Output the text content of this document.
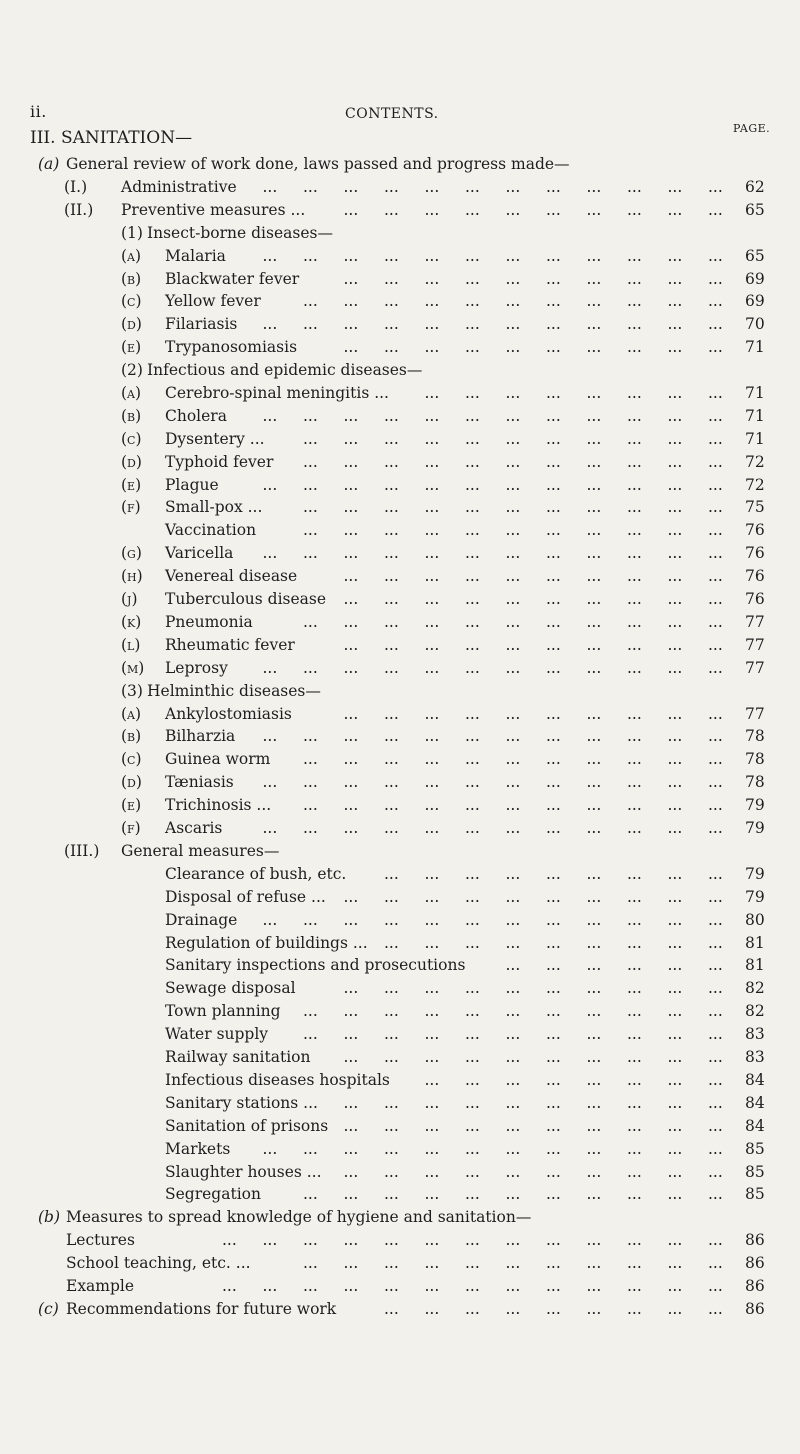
ii.	CONTENTS.
PAGE.
III. SANITATION—
(a) General review of work done, laws passed and progress made—
(I.) Administrative	62
... ... ... ... ... ... ... ... ... ... ... ...
(II.) Preventive measures ...	65
... ... ... ... ... ... ... ... ... ...
(1) Insect-borne diseases—
(a) Malaria	65
... ... ... ... ... ... ... ... ... ... ... ...
(b) Blackwater fever	69
... ... ... ... ... ... ... ... ... ...
(c) Yellow fever	69
... ... ... ... ... ... ... ... ... ... ...
(d) Filariasis	70
... ... ... ... ... ... ... ... ... ... ... ...
(e) Trypanosomiasis	71
... ... ... ... ... ... ... ... ... ...
(2) Infectious and epidemic diseases—
(a) Cerebro-spinal meningitis ...	71
... ... ... ... ... ... ... ...
(b) Cholera	71
... ... ... ... ... ... ... ... ... ... ... ...
(c) Dysentery ...	71
... ... ... ... ... ... ... ... ... ... ...
(d) Typhoid fever	72
... ... ... ... ... ... ... ... ... ... ...
(e) Plague	72
... ... ... ... ... ... ... ... ... ... ... ...
(f) Small-pox ...	75
... ... ... ... ... ... ... ... ... ... ...
Vaccination	76
... ... ... ... ... ... ... ... ... ... ...
(g) Varicella	76
... ... ... ... ... ... ... ... ... ... ... ...
(h) Venereal disease	76
... ... ... ... ... ... ... ... ... ...
(j) Tuberculous disease	76
... ... ... ... ... ... ... ... ... ...
(k) Pneumonia	77
... ... ... ... ... ... ... ... ... ... ...
(l) Rheumatic fever	77
... ... ... ... ... ... ... ... ... ...
(m) Leprosy	77
... ... ... ... ... ... ... ... ... ... ... ...
(3) Helminthic diseases—
(a) Ankylostomiasis	77
... ... ... ... ... ... ... ... ... ...
(b) Bilharzia	78
... ... ... ... ... ... ... ... ... ... ... ...
(c) Guinea worm	78
... ... ... ... ... ... ... ... ... ... ...
(d) Tæniasis	78
... ... ... ... ... ... ... ... ... ... ... ...
(e) Trichinosis ...	79
... ... ... ... ... ... ... ... ... ... ...
(f) Ascaris	79
... ... ... ... ... ... ... ... ... ... ... ...
(III.) General measures—
Clearance of bush, etc.	79
... ... ... ... ... ... ... ... ...
Disposal of refuse ...	79
... ... ... ... ... ... ... ... ... ...
Drainage	80
... ... ... ... ... ... ... ... ... ... ... ...
Regulation of buildings ...	81
... ... ... ... ... ... ... ... ...
Sanitary inspections and prosecutions	81
... ... ... ... ... ...
Sewage disposal	82
... ... ... ... ... ... ... ... ... ...
Town planning	82
... ... ... ... ... ... ... ... ... ... ...
Water supply	83
... ... ... ... ... ... ... ... ... ... ...
Railway sanitation	83
... ... ... ... ... ... ... ... ... ...
Infectious diseases hospitals	84
... ... ... ... ... ... ... ...
Sanitary stations ...	84
... ... ... ... ... ... ... ... ... ...
Sanitation of prisons	84
... ... ... ... ... ... ... ... ... ...
Markets	85
... ... ... ... ... ... ... ... ... ... ... ...
Slaughter houses ...	85
... ... ... ... ... ... ... ... ... ...
Segregation	85
... ... ... ... ... ... ... ... ... ... ...
(b) Measures to spread knowledge of hygiene and sanitation—
Lectures	86
... ... ... ... ... ... ... ... ... ... ... ... ...
School teaching, etc. ...	86
... ... ... ... ... ... ... ... ... ... ...
Example	86
... ... ... ... ... ... ... ... ... ... ... ... ...
(c) Recommendations for future work	86
... ... ... ... ... ... ... ... ...
